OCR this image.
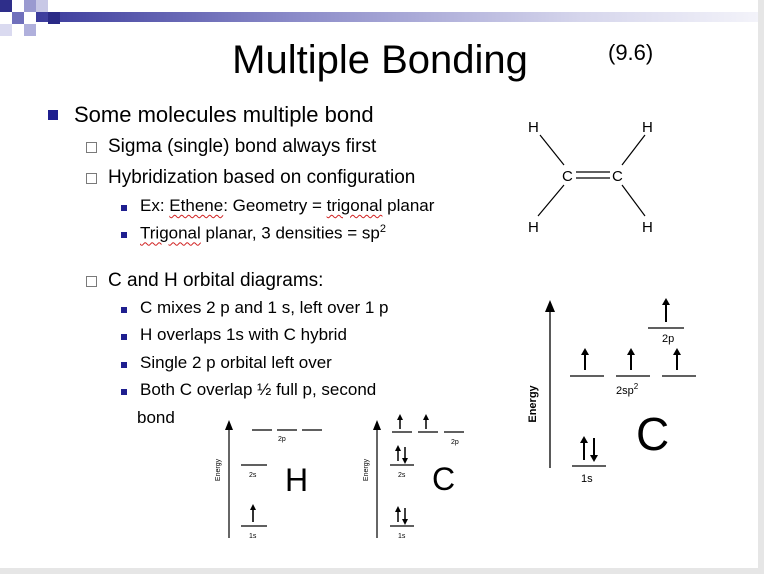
Multiple Bonding	(9.6)
Some molecules multiple bond
Sigma (single) bond always first
Hybridization based on configuration
Ex: Ethene: Geometry = trigonal planar
Trigonal planar, 3 densities = $sp^2$
C and H orbital diagrams:
C mixes 2 p and 1 s, left over 1 p
H overlaps 1s with C hybrid
Single 2 p orbital left over
Both C overlap ½ full p, second
bond
H	H
C	C
H	H
Energy
1s
$2sp^2$
2p
C
Energy
1s
2s
2p
H	Energy
1s
2s
2p
C
